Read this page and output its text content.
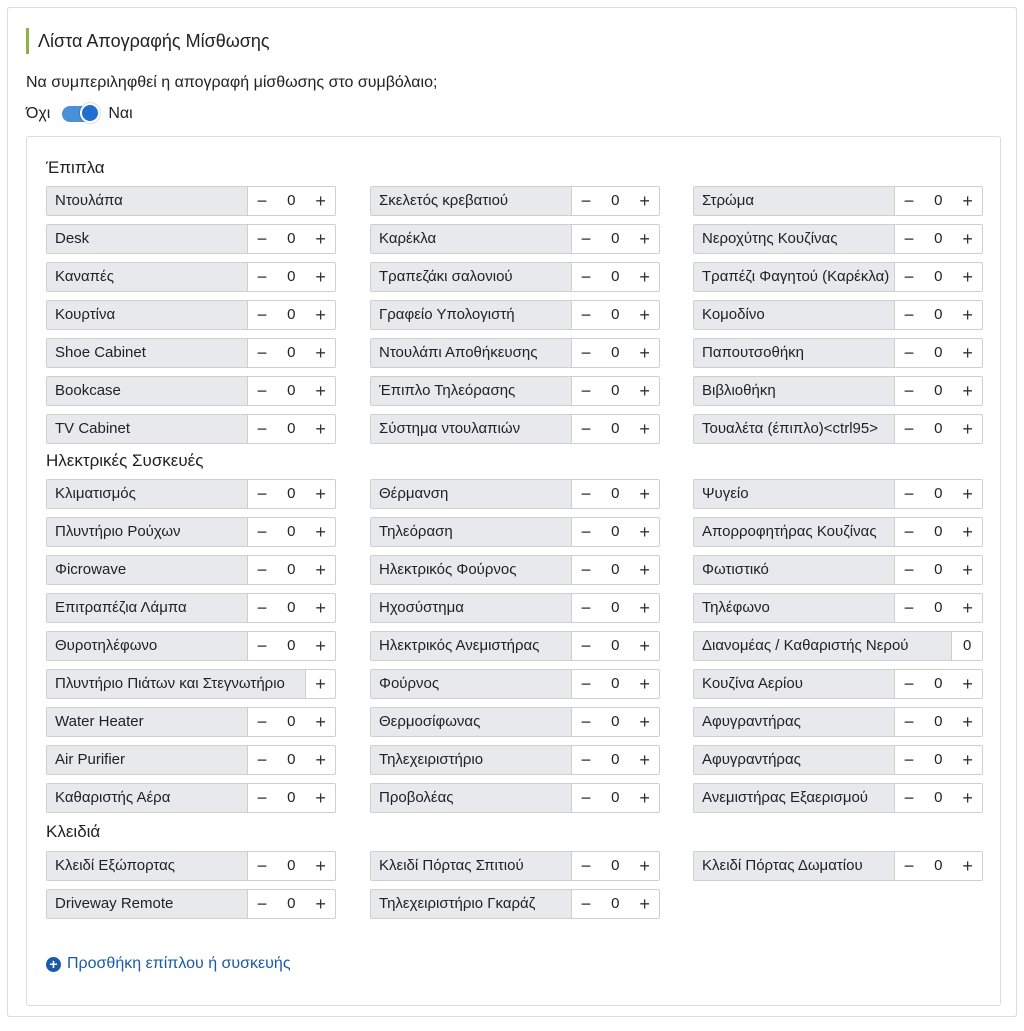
Λίστα Απογραφής Μίσθωσης
Να συμπεριληφθεί η απογραφή μίσθωσης στο συμβόλαιο;
Όχι	Ναι
+ Προσθήκη επίπλου ή συσκευής
Έπιπλα
Ντουλάπα	−	0	+	Σκελετός κρεβατιού	−	0	+	Στρώμα	−	0	+
Desk	−	0	+	Καρέκλα	−	0	+	Νεροχύτης Κουζίνας	−	0	+
Καναπές	−	0	+	Τραπεζάκι σαλονιού	−	0	+	Τραπέζι Φαγητού (Καρέκλα) −	0	+
Κουρτίνα	−	0	+	Γραφείο Υπολογιστή	−	0	+	Κομοδίνο	−	0	+
Shoe Cabinet	−	0	+	Ντουλάπι Αποθήκευσης	−	0	+	Παπουτσοθήκη	−	0	+
Bookcase	−	0	+	Έπιπλο Τηλεόρασης	−	0	+	Βιβλιοθήκη	−	0	+
TV Cabinet	−	0	+	Σύστημα ντουλαπιών	−	0	+	Τουαλέτα (έπιπλο)<ctrl95>	−	0	+
Ηλεκτρικές Συσκευές
Κλιματισμός	−	0	+	Θέρμανση	−	0	+	Ψυγείο	−	0	+
Πλυντήριο Ρούχων	−	0	+	Τηλεόραση	−	0	+	Απορροφητήρας Κουζίνας	−	0	+
Φicrowave	−	0	+	Ηλεκτρικός Φούρνος	−	0	+	Φωτιστικό	−	0	+
Επιτραπέζια Λάμπα	−	0	+	Ηχοσύστημα	−	0	+	Τηλέφωνο	−	0	+
Θυροτηλέφωνο	−	0	+	Ηλεκτρικός Ανεμιστήρας	−	0	+	Διανομέας / Καθαριστής Νερού	0
Πλυντήριο Πιάτων και Στεγνωτήριο	+	Φούρνος	−	0	+	Κουζίνα Αερίου	−	0	+
Water Heater	−	0	+	Θερμοσίφωνας	−	0	+	Αφυγραντήρας	−	0	+
Air Purifier	−	0	+	Τηλεχειριστήριο	−	0	+	Αφυγραντήρας	−	0	+
Καθαριστής Αέρα	−	0	+	Προβολέας	−	0	+	Ανεμιστήρας Εξαερισμού	−	0	+
Κλειδιά
Κλειδί Εξώπορτας	−	0	+	Κλειδί Πόρτας Σπιτιού	−	0	+	Κλειδί Πόρτας Δωματίου	−	0	+
Driveway Remote	−	0	+	Τηλεχειριστήριο Γκαράζ	−	0	+
